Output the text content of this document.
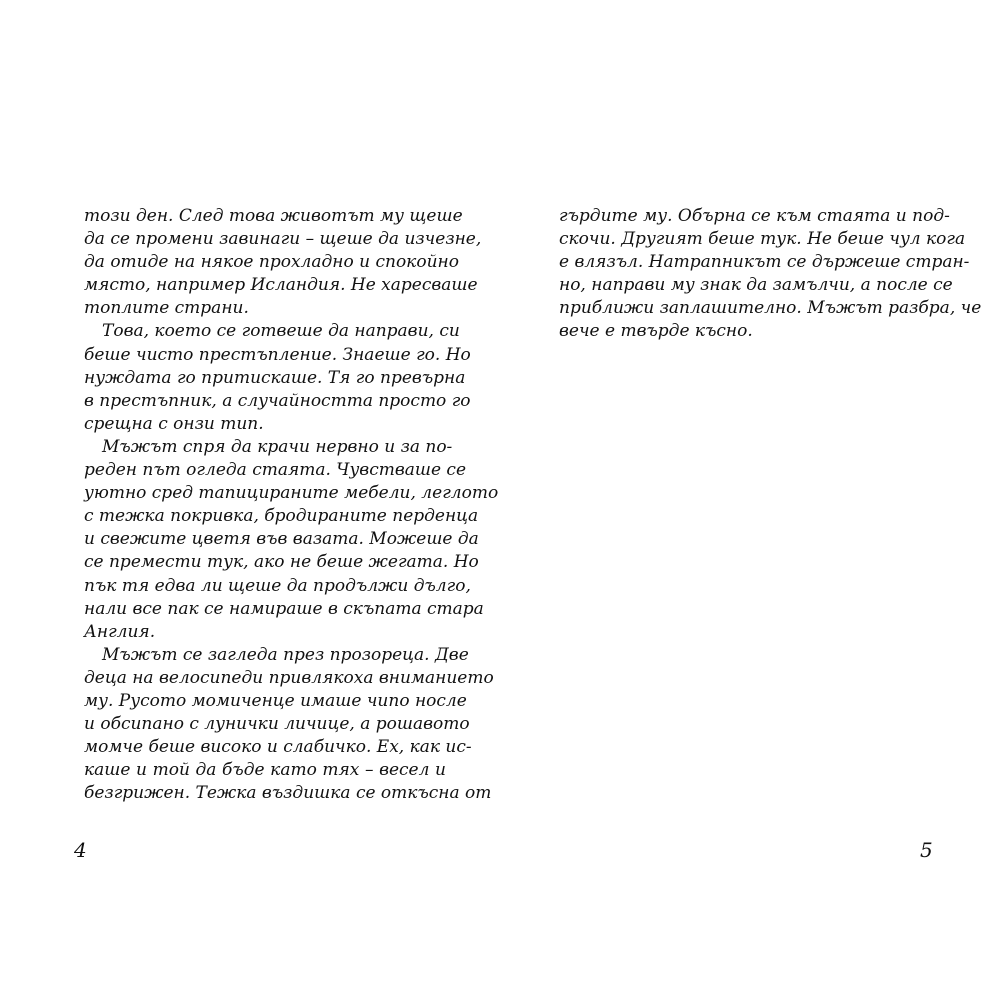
този ден. След това животът му щеше
да се промени завинаги – щеше да изчезне,
да отиде на някое прохладно и спокойно
място, например Исландия. Не харесваше
топлите страни.
Това, което се готвеше да направи, си
беше чисто престъпление. Знаеше го. Но
нуждата го притискаше. Тя го превърна
в престъпник, а случайността просто го
срещна с онзи тип.
Мъжът спря да крачи нервно и за по-
реден път огледа стаята. Чувстваше се
уютно сред тапицираните мебели, леглото
с тежка покривка, бродираните перденца
и свежите цветя във вазата. Можеше да
се премести тук, ако не беше жегата. Но
пък тя едва ли щеше да продължи дълго,
нали все пак се намираше в скъпата стара
Англия.
Мъжът се загледа през прозореца. Две
деца на велосипеди привлякоха вниманието
му. Русото момиченце имаше чипо носле
и обсипано с лунички личице, а рошавото
момче беше високо и слабичко. Ех, как ис-
каше и той да бъде като тях – весел и
безгрижен. Тежка въздишка се откъсна от
гърдите му. Обърна се към стаята и под-
скочи. Другият беше тук. Не беше чул кога
е влязъл. Натрапникът се държеше стран-
но, направи му знак да замълчи, а после се
приближи заплашително. Мъжът разбра, че
вече е твърде късно.
4	5
